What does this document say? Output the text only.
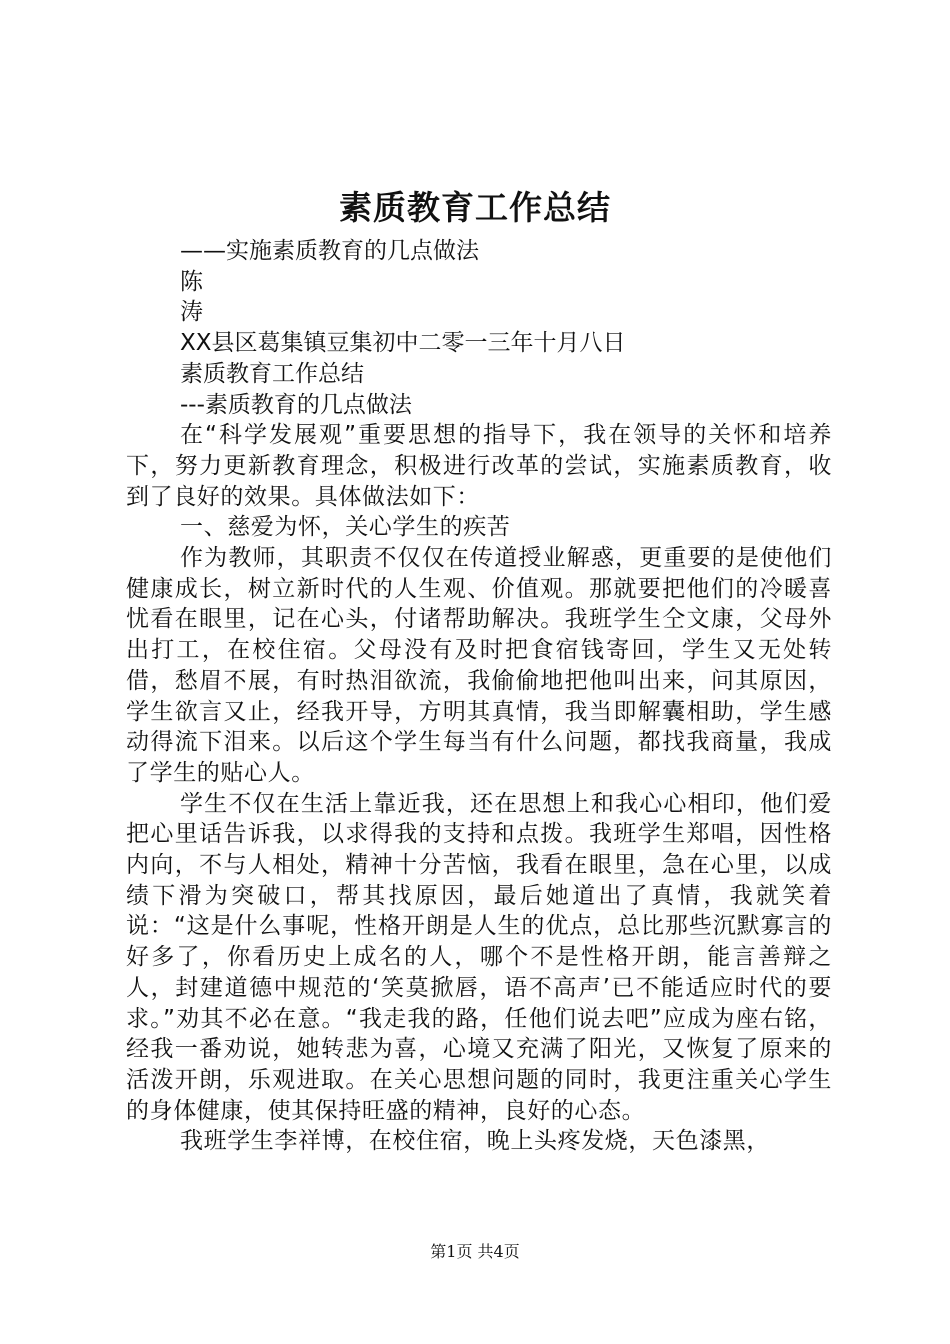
素质教育工作总结
——实施素质教育的几点做法
陈
涛
XX县区葛集镇豆集初中二零一三年十月八日
素质教育工作总结
---素质教育的几点做法

在“科学发展观”重要思想的指导下，我在领导的关怀和培养下，努力更新教育理念，积极进行改革的尝试，实施素质教育，收到了良好的效果。具体做法如下：

一、慈爱为怀，关心学生的疾苦

作为教师，其职责不仅仅在传道授业解惑，更重要的是使他们健康成长，树立新时代的人生观、价值观。那就要把他们的冷暖喜忧看在眼里，记在心头，付诸帮助解决。我班学生仝文康，父母外出打工，在校住宿。父母没有及时把食宿钱寄回，学生又无处转借，愁眉不展，有时热泪欲流，我偷偷地把他叫出来，问其原因，学生欲言又止，经我开导，方明其真情，我当即解囊相助，学生感动得流下泪来。以后这个学生每当有什么问题，都找我商量，我成了学生的贴心人。

学生不仅在生活上靠近我，还在思想上和我心心相印，他们爱把心里话告诉我，以求得我的支持和点拨。我班学生郑唱，因性格内向，不与人相处，精神十分苦恼，我看在眼里，急在心里，以成绩下滑为突破口，帮其找原因，最后她道出了真情，我就笑着说：“这是什么事呢，性格开朗是人生的优点，总比那些沉默寡言的好多了，你看历史上成名的人，哪个不是性格开朗，能言善辩之人，封建道德中规范的‘笑莫掀唇，语不高声’已不能适应时代的要求。”劝其不必在意。“我走我的路，任他们说去吧”应成为座右铭，经我一番劝说，她转悲为喜，心境又充满了阳光，又恢复了原来的活泼开朗，乐观进取。在关心思想问题的同时，我更注重关心学生的身体健康，使其保持旺盛的精神，良好的心态。

我班学生李祥博，在校住宿，晚上头疼发烧，天色漆黑，

第1页 共4页
